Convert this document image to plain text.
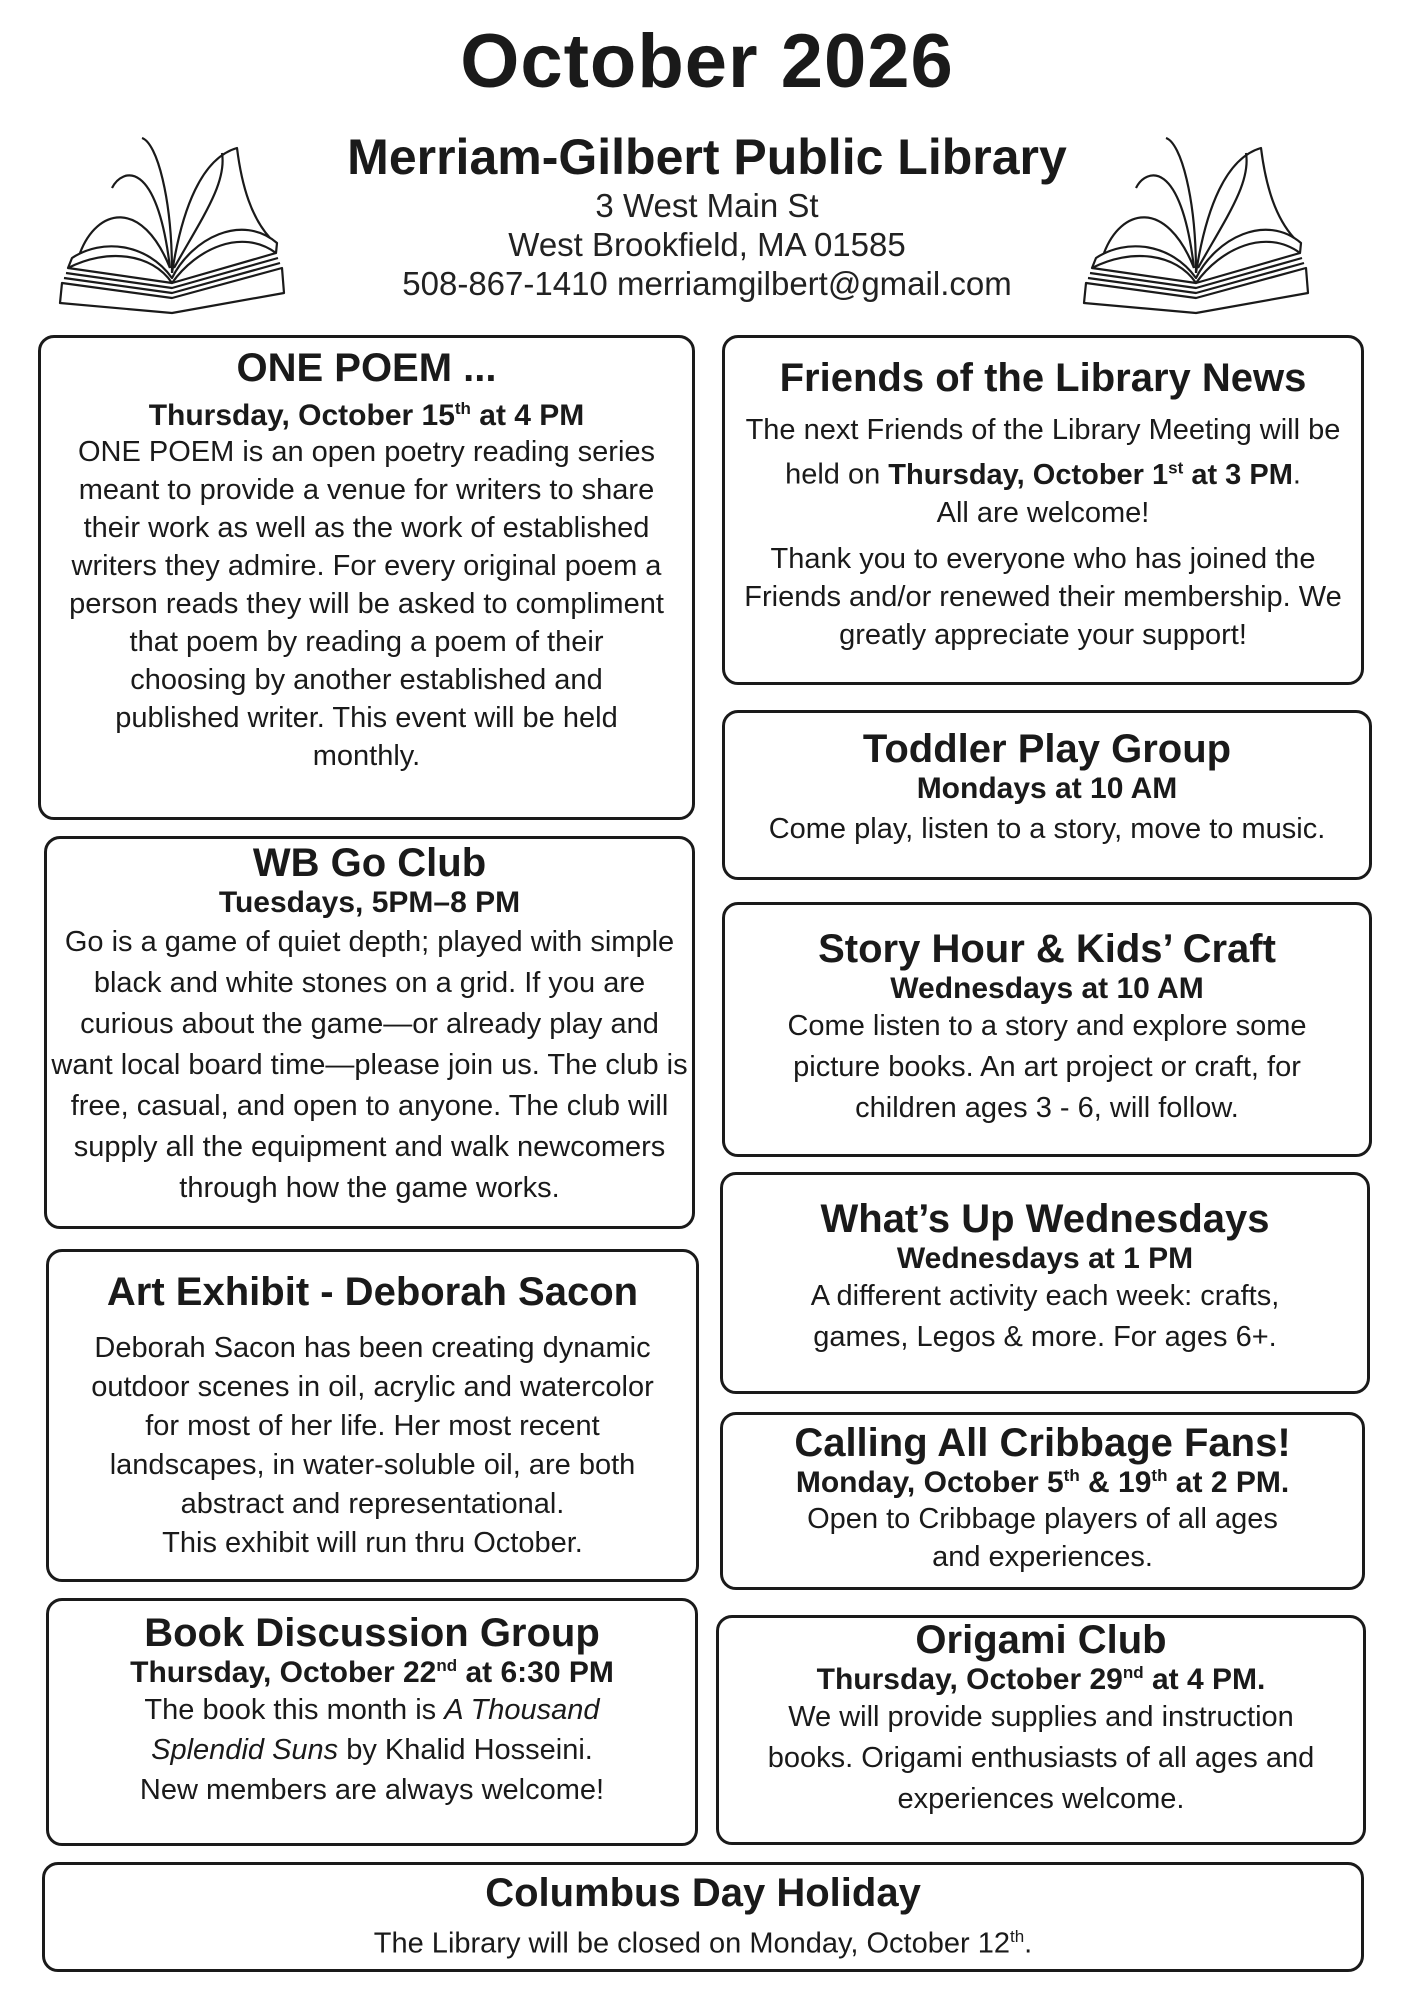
October 2026
Merriam-Gilbert Public Library
3 West Main St
West Brookfield, MA 01585
508-867-1410 merriamgilbert@gmail.com
ONE POEM ...
Thursday, October 15th at 4 PM

ONE POEM is an open poetry reading series meant to provide a venue for writers to share their work as well as the work of established writers they admire. For every original poem a person reads they will be asked to compliment that poem by reading a poem of their choosing by another established and published writer. This event will be held monthly.

Friends of the Library News

The next Friends of the Library Meeting will be held on Thursday, October 1st at 3 PM.
All are welcome!

Thank you to everyone who has joined the Friends and/or renewed their membership. We greatly appreciate your support!

Toddler Play Group
Mondays at 10 AM

Come play, listen to a story, move to music.

WB Go Club
Tuesdays, 5PM–8 PM

Go is a game of quiet depth; played with simple black and white stones on a grid. If you are curious about the game—or already play and want local board time—please join us. The club is free, casual, and open to anyone. The club will supply all the equipment and walk newcomers through how the game works.

Story Hour & Kids’ Craft
Wednesdays at 10 AM

Come listen to a story and explore some picture books. An art project or craft, for children ages 3 - 6, will follow.

What’s Up Wednesdays
Wednesdays at 1 PM

A different activity each week: crafts, games, Legos & more. For ages 6+.

Art Exhibit - Deborah Sacon

Deborah Sacon has been creating dynamic outdoor scenes in oil, acrylic and watercolor for most of her life. Her most recent landscapes, in water-soluble oil, are both abstract and representational.

This exhibit will run thru October.

Calling All Cribbage Fans!
Monday, October 5th & 19th at 2 PM.

Open to Cribbage players of all ages and experiences.

Book Discussion Group
Thursday, October 22nd at 6:30 PM

The book this month is A Thousand Splendid Suns by Khalid Hosseini.

New members are always welcome!

Origami Club
Thursday, October 29nd at 4 PM.

We will provide supplies and instruction books. Origami enthusiasts of all ages and experiences welcome.

Columbus Day Holiday

The Library will be closed on Monday, October 12th.
